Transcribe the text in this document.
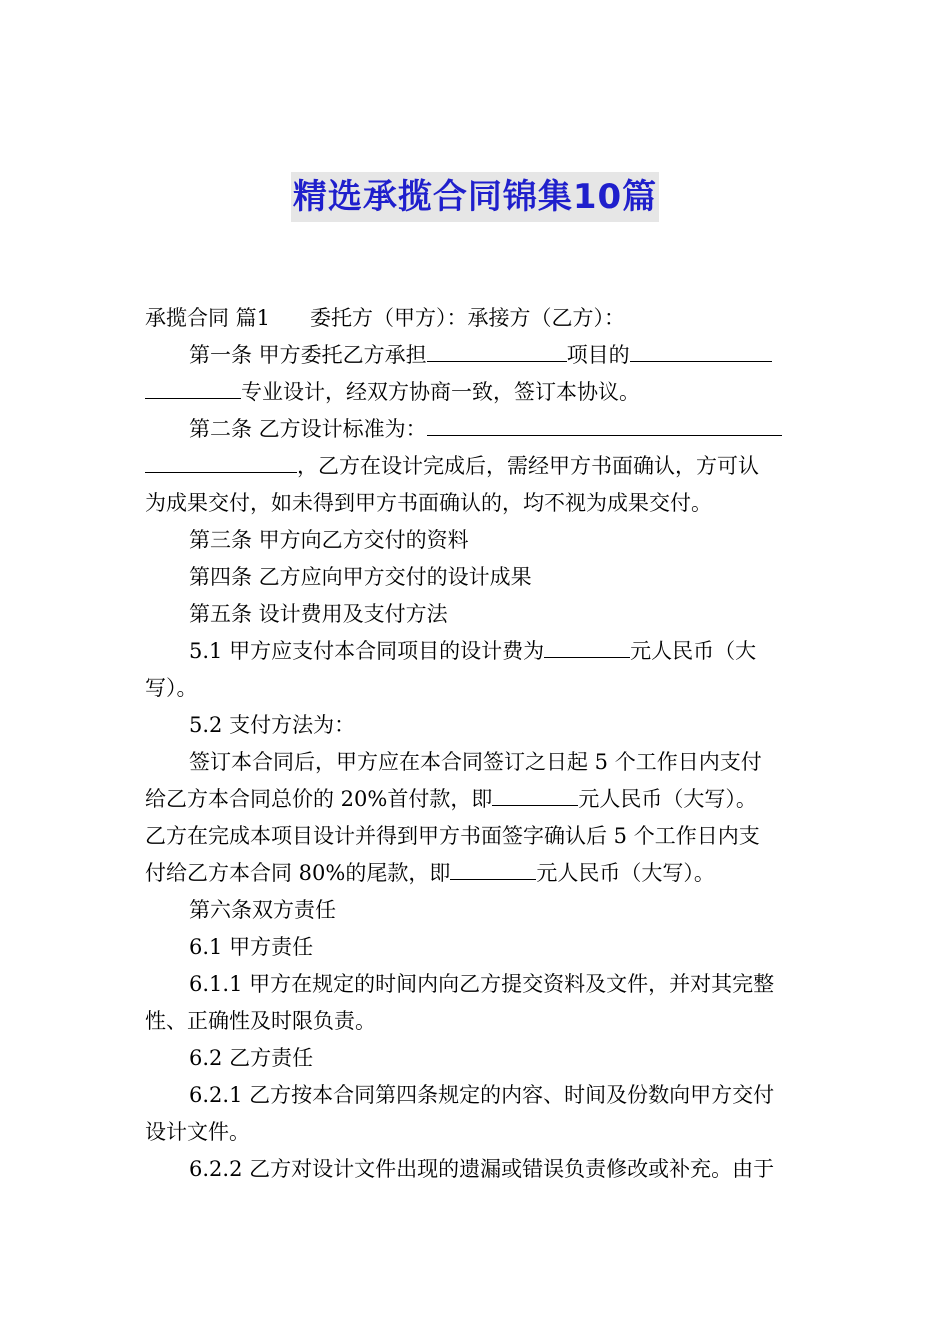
精选承揽合同锦集10篇
承揽合同 篇1 委托方（甲方）：承接方（乙方）：
第一条 甲方委托乙方承担	项目的
专业设计，经双方协商一致，签订本协议。
第二条 乙方设计标准为：
，乙方在设计完成后，需经甲方书面确认，方可认
为成果交付，如未得到甲方书面确认的，均不视为成果交付。
第三条 甲方向乙方交付的资料
第四条 乙方应向甲方交付的设计成果
第五条 设计费用及支付方法
5.1 甲方应支付本合同项目的设计费为	元人民币（大
写）。
5.2 支付方法为：
签订本合同后，甲方应在本合同签订之日起 5 个工作日内支付
给乙方本合同总价的 20%首付款，即	元人民币（大写）。
乙方在完成本项目设计并得到甲方书面签字确认后 5 个工作日内支
付给乙方本合同 80%的尾款，即	元人民币（大写）。
第六条双方责任
6.1 甲方责任
6.1.1 甲方在规定的时间内向乙方提交资料及文件，并对其完整
性、正确性及时限负责。
6.2 乙方责任
6.2.1 乙方按本合同第四条规定的内容、时间及份数向甲方交付
设计文件。
6.2.2 乙方对设计文件出现的遗漏或错误负责修改或补充。由于
